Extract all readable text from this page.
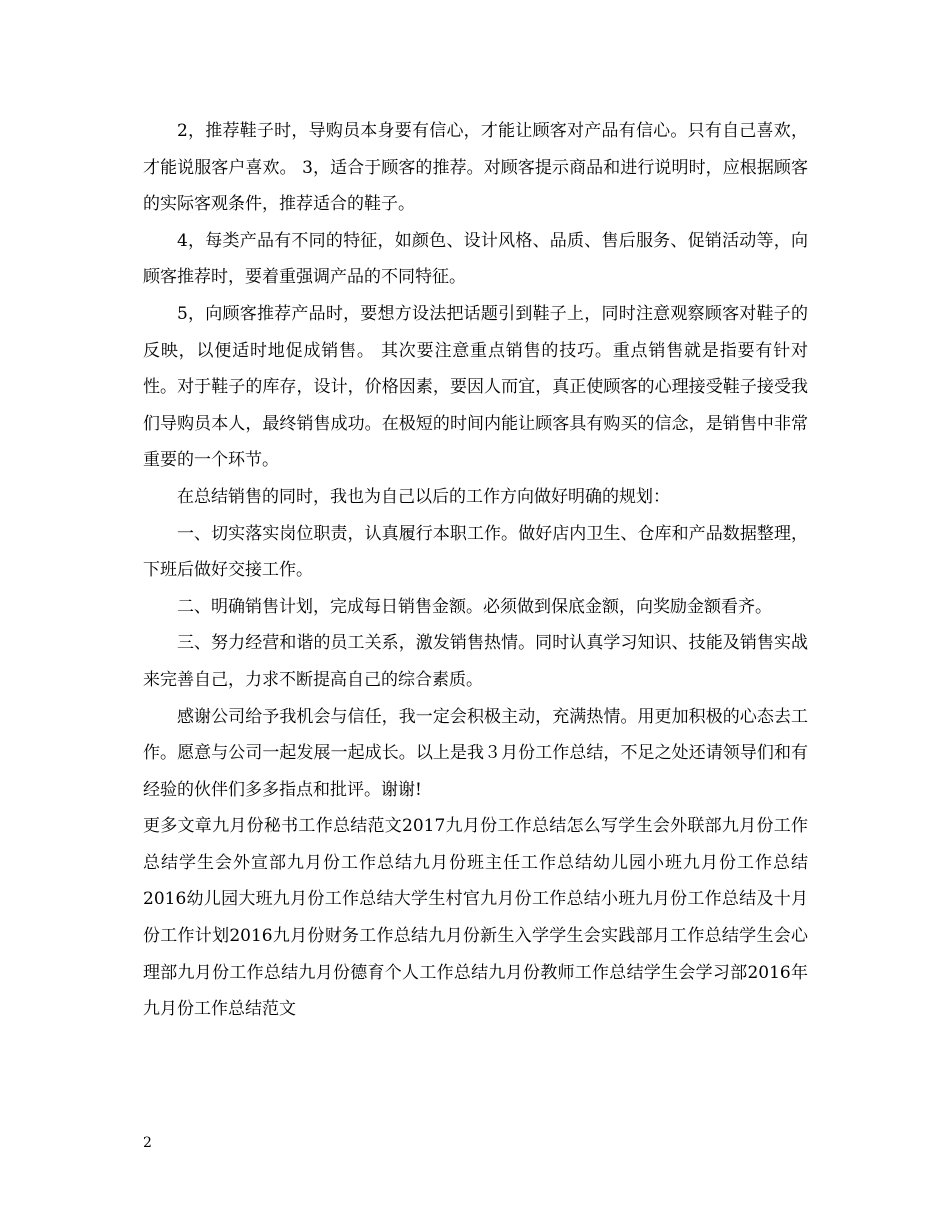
2，推荐鞋子时，导购员本身要有信心，才能让顾客对产品有信心。只有自己喜欢，才能说服客户喜欢。 3，适合于顾客的推荐。对顾客提示商品和进行说明时，应根据顾客的实际客观条件，推荐适合的鞋子。

4，每类产品有不同的特征，如颜色、设计风格、品质、售后服务、促销活动等，向顾客推荐时，要着重强调产品的不同特征。

5，向顾客推荐产品时，要想方设法把话题引到鞋子上，同时注意观察顾客对鞋子的反映，以便适时地促成销售。 其次要注意重点销售的技巧。重点销售就是指要有针对性。对于鞋子的库存，设计，价格因素，要因人而宜，真正使顾客的心理接受鞋子接受我们导购员本人，最终销售成功。在极短的时间内能让顾客具有购买的信念，是销售中非常重要的一个环节。

在总结销售的同时，我也为自己以后的工作方向做好明确的规划：

一、切实落实岗位职责，认真履行本职工作。做好店内卫生、仓库和产品数据整理，下班后做好交接工作。

二、明确销售计划，完成每日销售金额。必须做到保底金额，向奖励金额看齐。

三、努力经营和谐的员工关系，激发销售热情。同时认真学习知识、技能及销售实战来完善自己，力求不断提高自己的综合素质。

感谢公司给予我机会与信任，我一定会积极主动，充满热情。用更加积极的心态去工作。愿意与公司一起发展一起成长。以上是我３月份工作总结，不足之处还请领导们和有经验的伙伴们多多指点和批评。谢谢!

更多文章九月份秘书工作总结范文2017九月份工作总结怎么写学生会外联部九月份工作总结学生会外宣部九月份工作总结九月份班主任工作总结幼儿园小班九月份工作总结2016幼儿园大班九月份工作总结大学生村官九月份工作总结小班九月份工作总结及十月份工作计划2016九月份财务工作总结九月份新生入学学生会实践部月工作总结学生会心理部九月份工作总结九月份德育个人工作总结九月份教师工作总结学生会学习部2016年九月份工作总结范文

2
